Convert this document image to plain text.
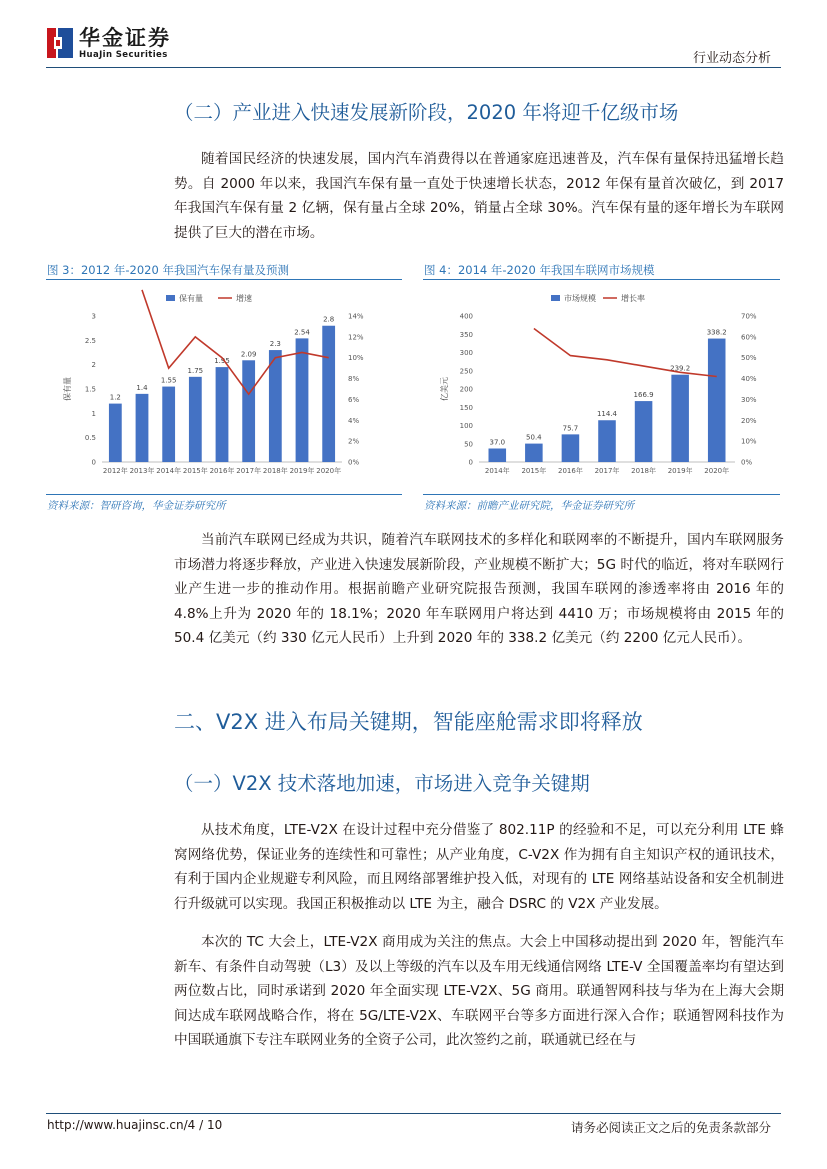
华金证券
HuaJin Securities	行业动态分析
（二）产业进入快速发展新阶段，2020 年将迎千亿级市场

随着国民经济的快速发展，国内汽车消费得以在普通家庭迅速普及，汽车保有量保持迅猛增长趋势。自 2000 年以来，我国汽车保有量一直处于快速增长状态，2012 年保有量首次破亿，到 2017 年我国汽车保有量 2 亿辆，保有量占全球 20%，销量占全球 30%。汽车保有量的逐年增长为车联网提供了巨大的潜在市场。

图 3：2012 年-2020 年我国汽车保有量及预测
保有量	增速
0
0.5
1
1.5
2
2.5
3
0%
2%
4%
6%
8%
10%
12%
14%
保有量	1.2
2012年
1.4
2013年
1.55
2014年
1.75
2015年
1.95
2016年
2.09
2017年
2.3
2018年
2.54
2019年
2.8
2020年
资料来源：智研咨询，华金证券研究所
图 4：2014 年-2020 年我国车联网市场规模
市场规模	增长率
0
50
100
150
200
250
300
350
400
0%
10%
20%
30%
40%
50%
60%
70%
亿美元
37.0
2014年
50.4
2015年
75.7
2016年
114.4
2017年
166.9
2018年
239.2
2019年
338.2
2020年
资料来源：前瞻产业研究院，华金证券研究所

当前汽车联网已经成为共识，随着汽车联网技术的多样化和联网率的不断提升，国内车联网服务市场潜力将逐步释放，产业进入快速发展新阶段，产业规模不断扩大；5G 时代的临近，将对车联网行业产生进一步的推动作用。根据前瞻产业研究院报告预测，我国车联网的渗透率将由 2016 年的 4.8%上升为 2020 年的 18.1%；2020 年车联网用户将达到 4410 万；市场规模将由 2015 年的 50.4 亿美元（约 330 亿元人民币）上升到 2020 年的 338.2 亿美元（约 2200 亿元人民币）。

二、V2X 进入布局关键期，智能座舱需求即将释放
（一）V2X 技术落地加速，市场进入竞争关键期

从技术角度，LTE-V2X 在设计过程中充分借鉴了 802.11P 的经验和不足，可以充分利用 LTE 蜂窝网络优势，保证业务的连续性和可靠性；从产业角度，C-V2X 作为拥有自主知识产权的通讯技术，有利于国内企业规避专利风险，而且网络部署维护投入低，对现有的 LTE 网络基站设备和安全机制进行升级就可以实现。我国正积极推动以 LTE 为主，融合 DSRC 的 V2X 产业发展。

本次的 TC 大会上，LTE-V2X 商用成为关注的焦点。大会上中国移动提出到 2020 年，智能汽车新车、有条件自动驾驶（L3）及以上等级的汽车以及车用无线通信网络 LTE-V 全国覆盖率均有望达到两位数占比，同时承诺到 2020 年全面实现 LTE-V2X、5G 商用。联通智网科技与华为在上海大会期间达成车联网战略合作，将在 5G/LTE-V2X、车联网平台等多方面进行深入合作；联通智网科技作为中国联通旗下专注车联网业务的全资子公司，此次签约之前，联通就已经在与

http://www.huajinsc.cn/4 / 10	请务必阅读正文之后的免责条款部分
